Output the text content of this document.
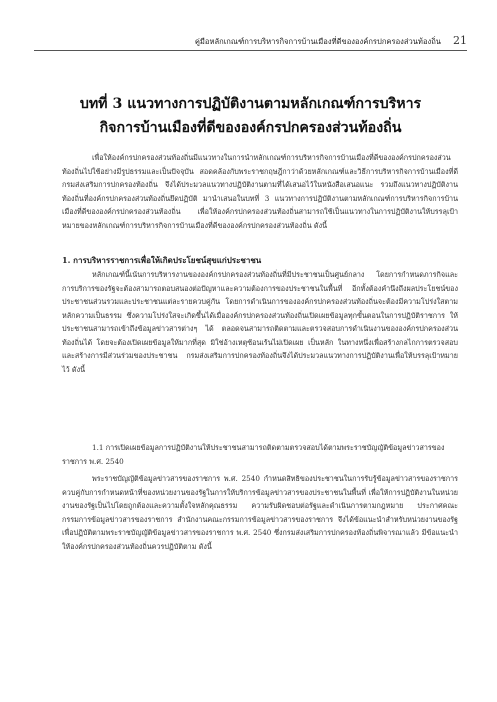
คู่มือหลักเกณฑ์การบริหารกิจการบ้านเมืองที่ดีขององค์กรปกครองส่วนท้องถิ่น 21
บทที่ 3 แนวทางการปฏิบัติงานตามหลักเกณฑ์การบริหาร
กิจการบ้านเมืองที่ดีขององค์กรปกครองส่วนท้องถิ่น
เพื่อให้องค์กรปกครองส่วนท้องถิ่นมีแนวทางในการนำหลักเกณฑ์การบริหารกิจการบ้านเมืองที่ดีขององค์กรปกครองส่วนท้องถิ่นไปใช้อย่างมีรูปธรรมและเป็นปัจจุบัน สอดคล้องกับพระราชกฤษฎีกาว่าด้วยหลักเกณฑ์และวิธีการบริหารกิจการบ้านเมืองที่ดี กรมส่งเสริมการปกครองท้องถิ่น จึงได้ประมวลแนวทางปฏิบัติงานตามที่ได้เสนอไว้ในหนังสือเสนอแนะ รวมถึงแนวทางปฏิบัติงานท้องถิ่นที่องค์กรปกครองส่วนท้องถิ่นยึดปฏิบัติ มานำเสนอในบทที่ 3 แนวทางการปฏิบัติงานตามหลักเกณฑ์การบริหารกิจการบ้านเมืองที่ดีขององค์กรปกครองส่วนท้องถิ่น เพื่อให้องค์กรปกครองส่วนท้องถิ่นสามารถใช้เป็นแนวทางในการปฏิบัติงานให้บรรลุเป้าหมายของหลักเกณฑ์การบริหารกิจการบ้านเมืองที่ดีขององค์กรปกครองส่วนท้องถิ่น ดังนี้
1. การบริหารราชการเพื่อให้เกิดประโยชน์สุขแก่ประชาชน
หลักเกณฑ์นี้เน้นการบริหารงานขององค์กรปกครองส่วนท้องถิ่นที่มีประชาชนเป็นศูนย์กลาง โดยการกำหนดภารกิจและการบริการของรัฐจะต้องสามารถตอบสนองต่อปัญหาและความต้องการของประชาชนในพื้นที่ อีกทั้งต้องคำนึงถึงผลประโยชน์ของประชาชนส่วนรวมและประชาชนแต่ละรายควบคู่กัน โดยการดำเนินการขององค์กรปกครองส่วนท้องถิ่นจะต้องมีความโปร่งใสตามหลักความเป็นธรรม ซึ่งความโปร่งใสจะเกิดขึ้นได้เมื่อองค์กรปกครองส่วนท้องถิ่นเปิดเผยข้อมูลทุกขั้นตอนในการปฏิบัติราชการ ให้ประชาชนสามารถเข้าถึงข้อมูลข่าวสารต่างๆ ได้ ตลอดจนสามารถติดตามและตรวจสอบการดำเนินงานขององค์กรปกครองส่วนท้องถิ่นได้ โดยจะต้องเปิดเผยข้อมูลให้มากที่สุด มิใช่อ้างเหตุซ้อนเร้นไม่เปิดเผย เป็นหลัก ในทางหนึ่งเพื่อสร้างกลไกการตรวจสอบและสร้างการมีส่วนร่วมของประชาชน กรมส่งเสริมการปกครองท้องถิ่นจึงได้ประมวลแนวทางการปฏิบัติงานเพื่อให้บรรลุเป้าหมายไว้ ดังนี้
1.1 การเปิดเผยข้อมูลการปฏิบัติงานให้ประชาชนสามารถติดตามตรวจสอบได้ตามพระราชบัญญัติข้อมูลข่าวสารของราชการ พ.ศ. 2540
พระราชบัญญัติข้อมูลข่าวสารของราชการ พ.ศ. 2540 กำหนดสิทธิของประชาชนในการรับรู้ข้อมูลข่าวสารของราชการควบคู่กับการกำหนดหน้าที่ของหน่วยงานของรัฐในการให้บริการข้อมูลข่าวสารของประชาชนในพื้นที่ เพื่อให้การปฏิบัติงานในหน่วยงานของรัฐเป็นไปโดยถูกต้องและความตั้งใจหลักคุณธรรม ความรับผิดชอบต่อรัฐและดำเนินการตามกฎหมาย ประกาศคณะกรรมการข้อมูลข่าวสารของราชการ สำนักงานคณะกรรมการข้อมูลข่าวสารของราชการ จึงได้ข้อแนะนำสำหรับหน่วยงานของรัฐเพื่อปฏิบัติตามพระราชบัญญัติข้อมูลข่าวสารของราชการ พ.ศ. 2540 ซึ่งกรมส่งเสริมการปกครองท้องถิ่นพิจารณาแล้ว มีข้อแนะนำให้องค์กรปกครองส่วนท้องถิ่นควรปฏิบัติตาม ดังนี้
